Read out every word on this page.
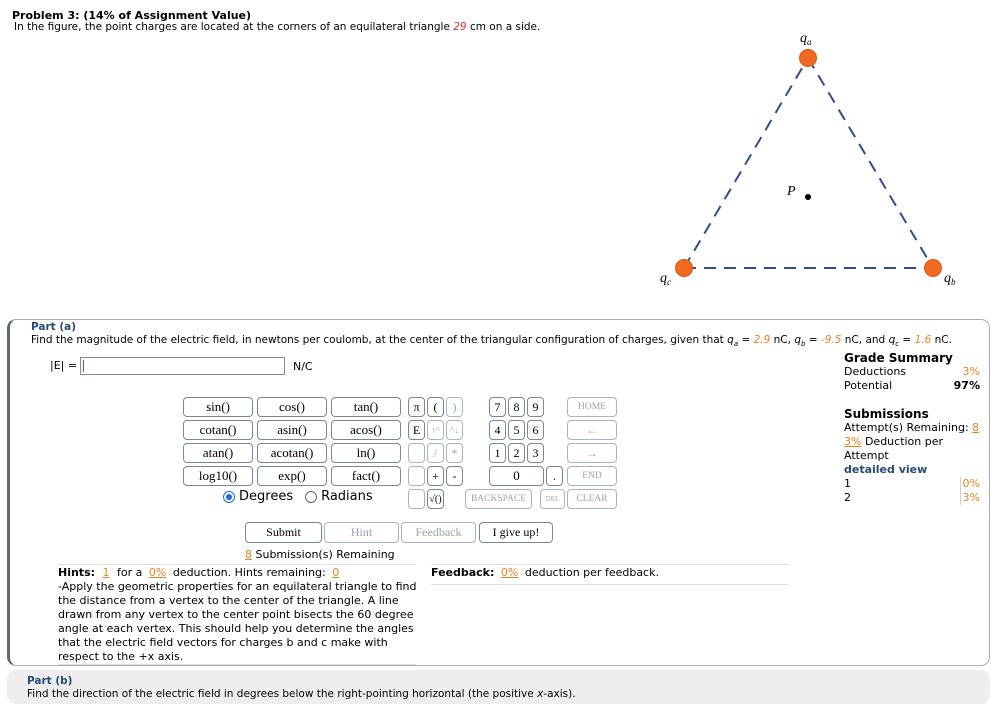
Problem 3: (14% of Assignment Value)
In the figure, the point charges are located at the corners of an equilateral triangle 29 cm on a side.
$q_a$
$q_b$
$q_c$
P
Part (a)
Find the magnitude of the electric field, in newtons per coulomb, at the center of the triangular configuration of charges, given that $q_a = 2.9$ nC, $q_b = -9.5$ nC, and $q_c = 1.6$ nC.
|E| =	N/C
sin()	cos()	tan()
cotan()	asin()	acos()
atan()	acotan()	ln()
log10()	exp()	fact()
π	(	)
E	↑^	^↓
/	*
+	-
√()
7	8	9
4	5	6
1	2	3
0	.
HOME
←
→
END
BACKSPACE	DEL	CLEAR
Degrees Radians
Submit	Hint	Feedback	I give up!
8 Submission(s) Remaining
Hints: 1 for a 0% deduction. Hints remaining: 0
-Apply the geometric properties for an equilateral triangle to find the distance from a vertex to the center of the triangle. A line drawn from any vertex to the center point bisects the 60 degree angle at each vertex. This should help you determine the angles that the electric field vectors for charges b and c make with respect to the +x axis.
Feedback: 0% deduction per feedback.
Grade Summary
Deductions	3%
Potential	97%
Submissions
Attempt(s) Remaining: 8
3% Deduction per Attempt
detailed view
1	0%
2	3%
Part (b)
Find the direction of the electric field in degrees below the right-pointing horizontal (the positive x-axis).
